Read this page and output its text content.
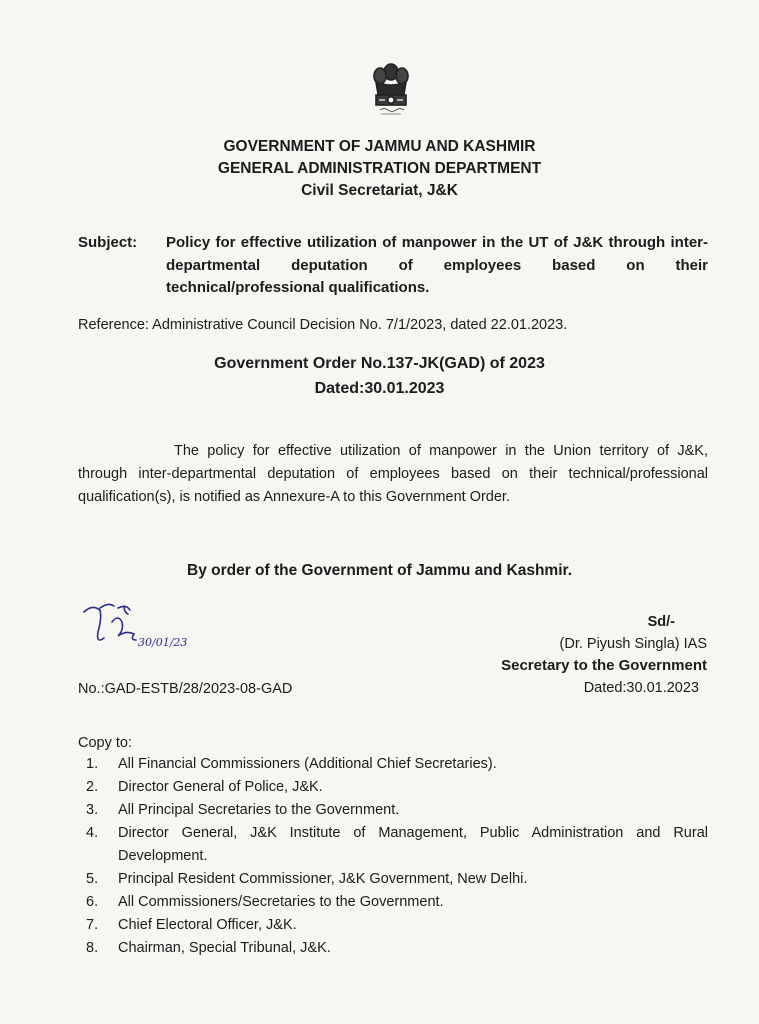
GOVERNMENT OF JAMMU AND KASHMIR
GENERAL ADMINISTRATION DEPARTMENT
Civil Secretariat, J&K
Subject: Policy for effective utilization of manpower in the UT of J&K through inter-departmental deputation of employees based on their technical/professional qualifications.
Reference: Administrative Council Decision No. 7/1/2023, dated 22.01.2023.
Government Order No.137-JK(GAD) of 2023
Dated:30.01.2023
The policy for effective utilization of manpower in the Union territory of J&K, through inter-departmental deputation of employees based on their technical/professional qualification(s), is notified as Annexure-A to this Government Order.
By order of the Government of Jammu and Kashmir.
30/01/23
Sd/-
(Dr. Piyush Singla) IAS
Secretary to the Government
Dated:30.01.2023
No.:GAD-ESTB/28/2023-08-GAD
Copy to:
1. All Financial Commissioners (Additional Chief Secretaries).
2. Director General of Police, J&K.
3. All Principal Secretaries to the Government.
4. Director General, J&K Institute of Management, Public Administration and Rural Development.
5. Principal Resident Commissioner, J&K Government, New Delhi.
6. All Commissioners/Secretaries to the Government.
7. Chief Electoral Officer, J&K.
8. Chairman, Special Tribunal, J&K.
